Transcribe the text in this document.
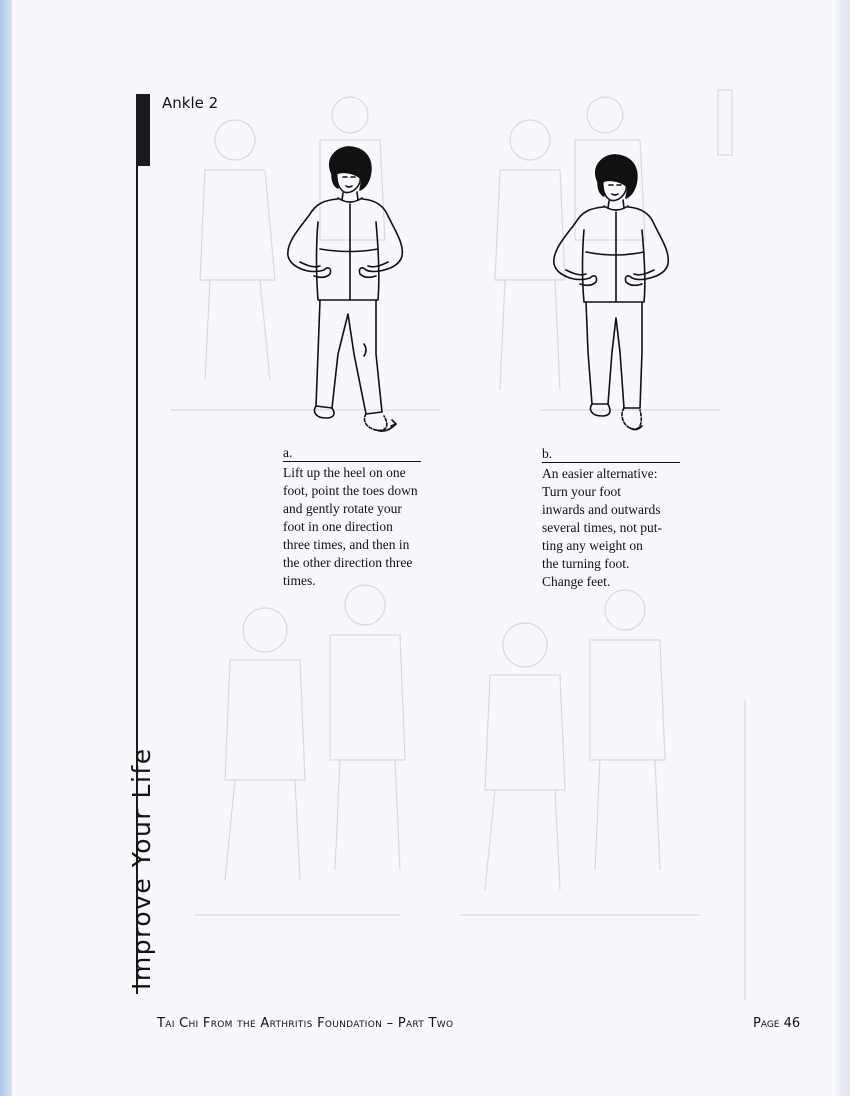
Ankle 2
Improve Your Life
a.
Lift up the heel on one
foot, point the toes down
and gently rotate your
foot in one direction
three times, and then in
the other direction three
times.
b.
An easier alternative:
Turn your foot
inwards and outwards
several times, not put-
ting any weight on
the turning foot.
Change feet.
Tai Chi From the Arthritis Foundation – Part Two	Page 46
